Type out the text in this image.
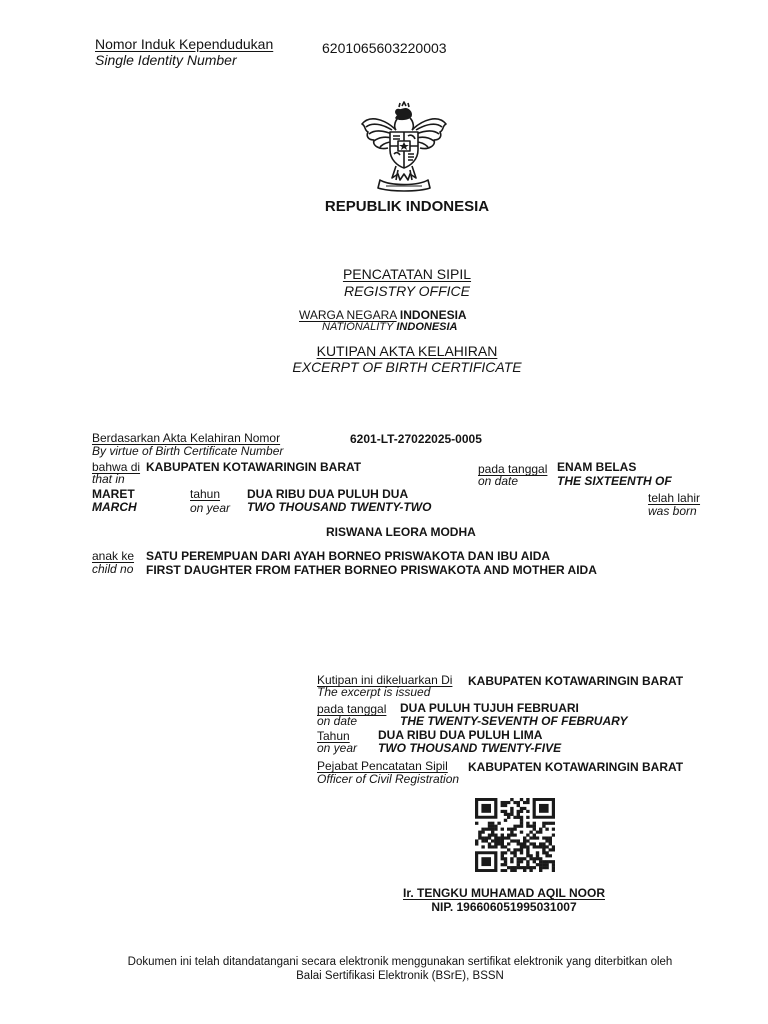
Nomor Induk Kependudukan
Single Identity Number
6201065603220003
REPUBLIK INDONESIA
PENCATATAN SIPIL
REGISTRY OFFICE
WARGA NEGARA INDONESIA
NATIONALITY INDONESIA
KUTIPAN AKTA KELAHIRAN
EXCERPT OF BIRTH CERTIFICATE
Berdasarkan Akta Kelahiran Nomor
By virtue of Birth Certificate Number
6201-LT-27022025-0005
bahwa di
that in
KABUPATEN KOTAWARINGIN BARAT	pada tanggal
on date
ENAM BELAS
THE SIXTEENTH OF
MARET
MARCH
tahun
on year
DUA RIBU DUA PULUH DUA
TWO THOUSAND TWENTY-TWO
telah lahir
was born
RISWANA LEORA MODHA
anak ke
child no
SATU PEREMPUAN DARI AYAH BORNEO PRISWAKOTA DAN IBU AIDA
FIRST DAUGHTER FROM FATHER BORNEO PRISWAKOTA AND MOTHER AIDA
Kutipan ini dikeluarkan Di
The excerpt is issued
KABUPATEN KOTAWARINGIN BARAT
pada tanggal
on date
DUA PULUH TUJUH FEBRUARI
THE TWENTY-SEVENTH OF FEBRUARY
Tahun
on year
DUA RIBU DUA PULUH LIMA
TWO THOUSAND TWENTY-FIVE
Pejabat Pencatatan Sipil
Officer of Civil Registration
KABUPATEN KOTAWARINGIN BARAT
Ir. TENGKU MUHAMAD AQIL NOOR
NIP. 196606051995031007
Dokumen ini telah ditandatangani secara elektronik menggunakan sertifikat elektronik yang diterbitkan oleh
Balai Sertifikasi Elektronik (BSrE), BSSN
